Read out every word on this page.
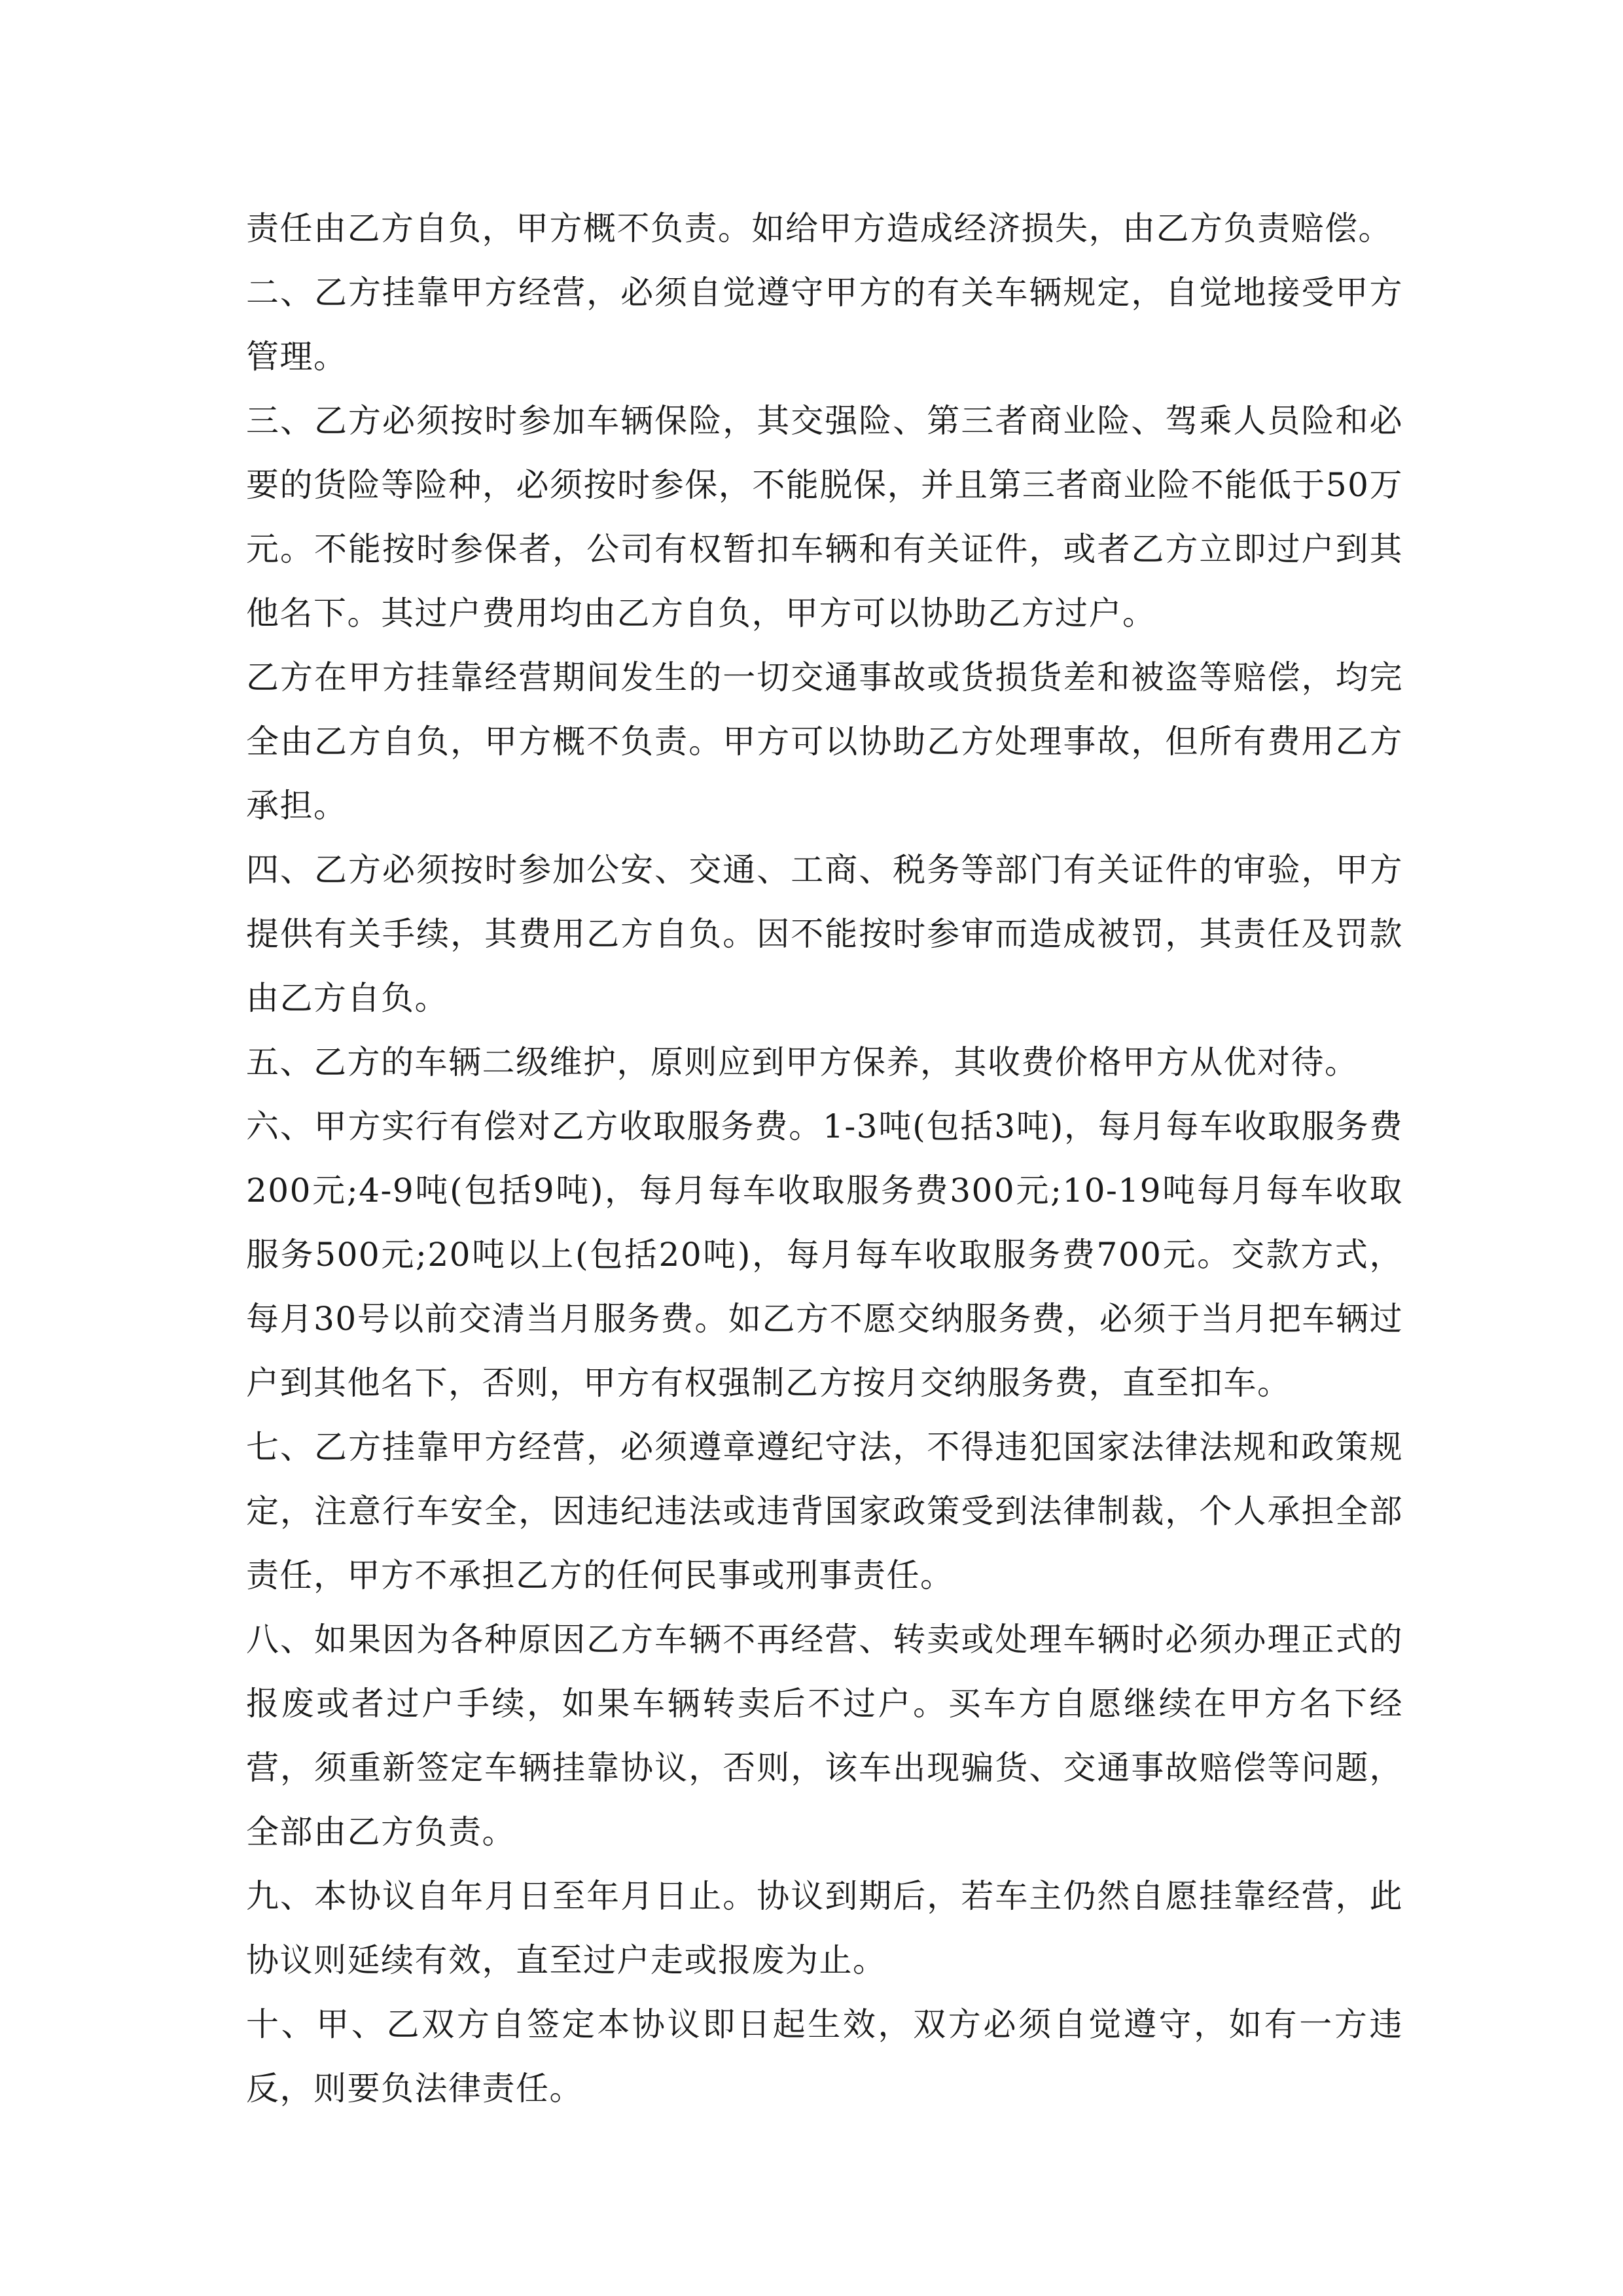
责任由乙方自负，甲方概不负责。如给甲方造成经济损失，由乙方负责赔偿。

二、乙方挂靠甲方经营，必须自觉遵守甲方的有关车辆规定，自觉地接受甲方管理。

三、乙方必须按时参加车辆保险，其交强险、第三者商业险、驾乘人员险和必要的货险等险种，必须按时参保，不能脱保，并且第三者商业险不能低于50万元。不能按时参保者，公司有权暂扣车辆和有关证件，或者乙方立即过户到其他名下。其过户费用均由乙方自负，甲方可以协助乙方过户。

乙方在甲方挂靠经营期间发生的一切交通事故或货损货差和被盗等赔偿，均完全由乙方自负，甲方概不负责。甲方可以协助乙方处理事故，但所有费用乙方承担。

四、乙方必须按时参加公安、交通、工商、税务等部门有关证件的审验，甲方提供有关手续，其费用乙方自负。因不能按时参审而造成被罚，其责任及罚款由乙方自负。

五、乙方的车辆二级维护，原则应到甲方保养，其收费价格甲方从优对待。

六、甲方实行有偿对乙方收取服务费。1-3吨(包括3吨)，每月每车收取服务费200元;4-9吨(包括9吨)，每月每车收取服务费300元;10-19吨每月每车收取服务500元;20吨以上(包括20吨)，每月每车收取服务费700元。交款方式，每月30号以前交清当月服务费。如乙方不愿交纳服务费，必须于当月把车辆过户到其他名下，否则，甲方有权强制乙方按月交纳服务费，直至扣车。

七、乙方挂靠甲方经营，必须遵章遵纪守法，不得违犯国家法律法规和政策规定，注意行车安全，因违纪违法或违背国家政策受到法律制裁，个人承担全部责任，甲方不承担乙方的任何民事或刑事责任。

八、如果因为各种原因乙方车辆不再经营、转卖或处理车辆时必须办理正式的报废或者过户手续，如果车辆转卖后不过户。买车方自愿继续在甲方名下经营，须重新签定车辆挂靠协议，否则，该车出现骗货、交通事故赔偿等问题，全部由乙方负责。

九、本协议自年月日至年月日止。协议到期后，若车主仍然自愿挂靠经营，此协议则延续有效，直至过户走或报废为止。

十、甲、乙双方自签定本协议即日起生效，双方必须自觉遵守，如有一方违反，则要负法律责任。
